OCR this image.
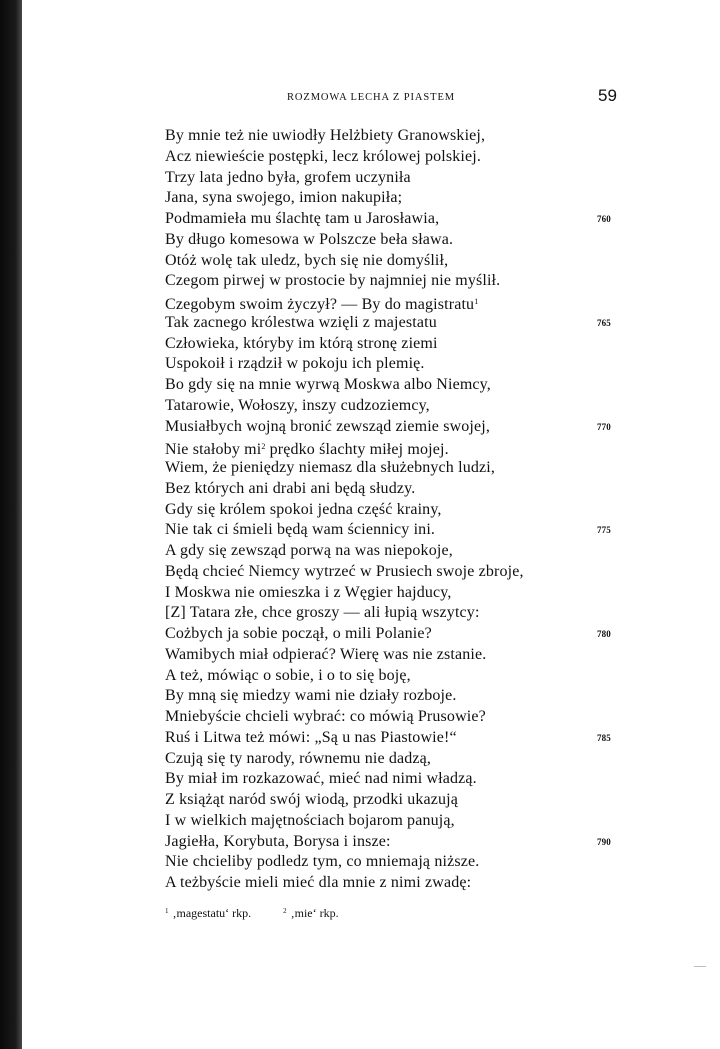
ROZMOWA LECHA Z PIASTEM	59
By mnie też nie uwiodły Helżbiety Granowskiej,
Acz niewieście postępki, lecz królowej polskiej.
Trzy lata jedno była, grofem uczyniła
Jana, syna swojego, imion nakupiła;
Podmamieła mu ślachtę tam u Jarosławia,	760
By długo komesowa w Polszcze beła sława.
Otóż wolę tak uledz, bych się nie domyślił,
Czegom pirwej w prostocie by najmniej nie myślił.
Czegobym swoim życzył? — By do magistratu$^1$
Tak zacnego królestwa wzięli z majestatu	765
Człowieka, któryby im którą stronę ziemi
Uspokoił i rządził w pokoju ich plemię.
Bo gdy się na mnie wyrwą Moskwa albo Niemcy,
Tatarowie, Wołoszy, inszy cudzoziemcy,
Musiałbych wojną bronić zewsząd ziemie swojej,	770
Nie stałoby $mi^2$ prędko ślachty miłej mojej.
Wiem, że pieniędzy niemasz dla służebnych ludzi,
Bez których ani drabi ani będą słudzy.
Gdy się królem spokoi jedna część krainy,
Nie tak ci śmieli będą wam ściennicy ini.	775
A gdy się zewsząd porwą na was niepokoje,
Będą chcieć Niemcy wytrzeć w Prusiech swoje zbroje,
I Moskwa nie omieszka i z Węgier hajducy,
[Z] Tatara złe, chce groszy — ali łupią wszytcy:
Cożbych ja sobie począł, o mili Polanie?	780
Wamibych miał odpierać? Wierę was nie zstanie.
A też, mówiąc o sobie, i o to się boję,
By mną się miedzy wami nie działy rozboje.
Mniebyście chcieli wybrać: co mówią Prusowie?
Ruś i Litwa też mówi: „Są u nas Piastowie!“	785
Czują się ty narody, równemu nie dadzą,
By miał im rozkazować, mieć nad nimi władzą.
Z książąt naród swój wiodą, przodki ukazują
I w wielkich majętnościach bojarom panują,
Jagiełła, Korybuta, Borysa i insze:	790
Nie chcieliby podledz tym, co mniemają niższe.
A teżbyście mieli mieć dla mnie z nimi zwadę:
$^1$ ‚magestatu‘ rkp.	$^2$ ‚mie‘ rkp.
